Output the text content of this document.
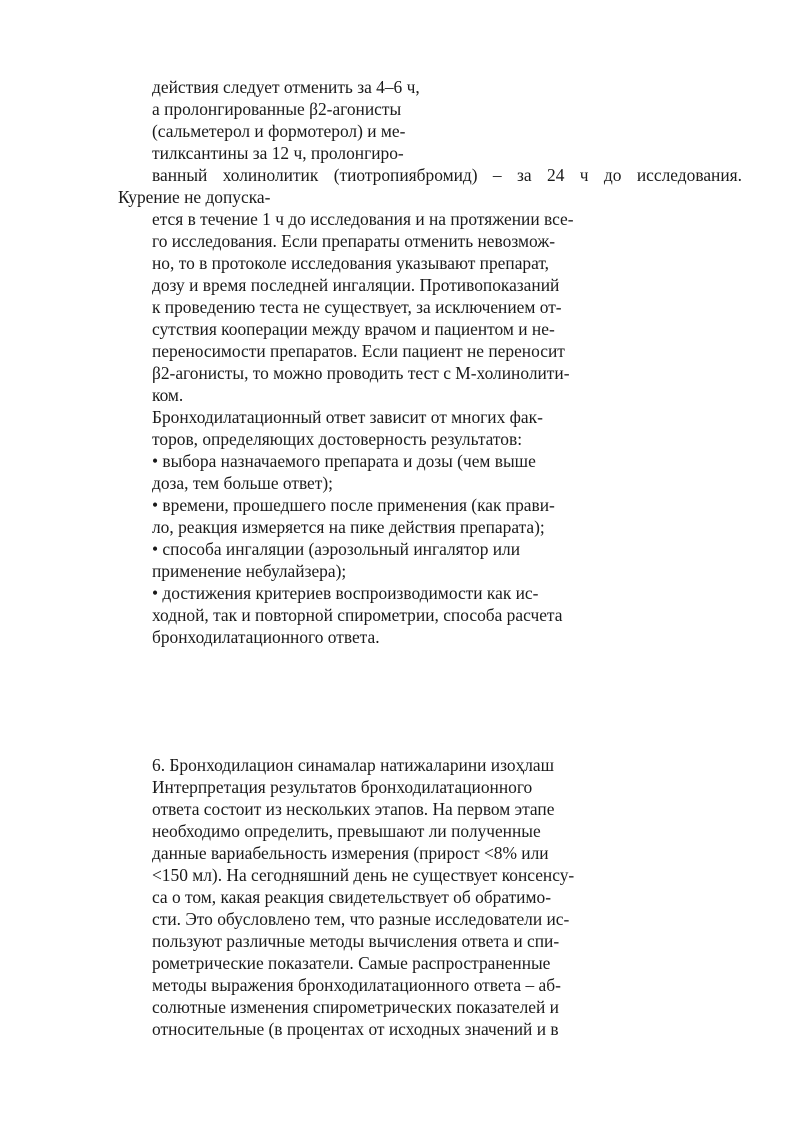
действия следует отменить за 4–6 ч,
а пролонгированные β2-агонисты
(сальметерол и формотерол) и ме-
тилксантины за 12 ч, пролонгиро-
ванный холинолитик (тиотропиябромид) – за 24 ч до исследования.
Курение не допуска-
ется в течение 1 ч до исследования и на протяжении все-
го исследования. Если препараты отменить невозмож-
но, то в протоколе исследования указывают препарат,
дозу и время последней ингаляции. Противопоказаний
к проведению теста не существует, за исключением от-
сутствия кооперации между врачом и пациентом и не-
переносимости препаратов. Если пациент не переносит
β2-агонисты, то можно проводить тест с М-холинолити-
ком.
Бронходилатационный ответ зависит от многих фак-
торов, определяющих достоверность результатов:
• выбора назначаемого препарата и дозы (чем выше
доза, тем больше ответ);
• времени, прошедшего после применения (как прави-
ло, реакция измеряется на пике действия препарата);
• способа ингаляции (аэрозольный ингалятор или
применение небулайзера);
• достижения критериев воспроизводимости как ис-
ходной, так и повторной спирометрии, способа расчета
бронходилатационного ответа.
6. Бронходилацион синамалар натижаларини изоҳлаш
Интерпретация результатов бронходилатационного
ответа состоит из нескольких этапов. На первом этапе
необходимо определить, превышают ли полученные
данные вариабельность измерения (прирост <8% или
<150 мл). На сегодняшний день не существует консенсу-
са о том, какая реакция свидетельствует об обратимо-
сти. Это обусловлено тем, что разные исследователи ис-
пользуют различные методы вычисления ответа и спи-
рометрические показатели. Самые распространенные
методы выражения бронходилатационного ответа – аб-
солютные изменения спирометрических показателей и
относительные (в процентах от исходных значений и в
